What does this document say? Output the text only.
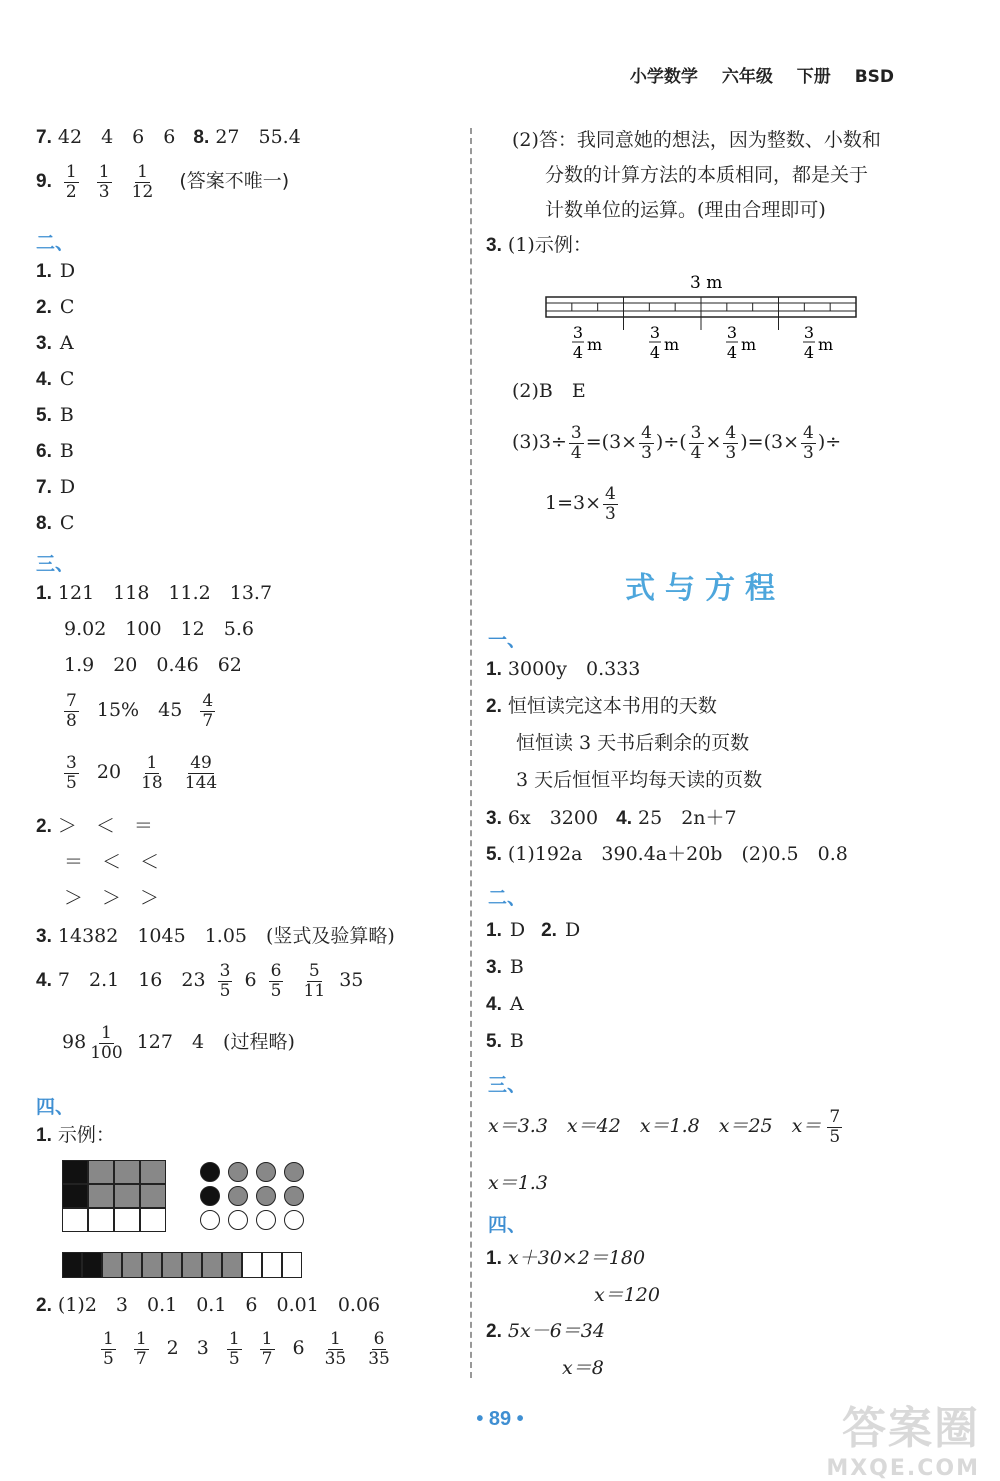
小学数学 六年级 下册 BSD
7. 42　4　6　6 8. 27　55.4
9. $\frac{1}{2}$
$\frac{1}{3}$
$\frac{1}{12}$ (答案不唯一)
二、
1. D
2. C
3. A
4. C
5. B
6. B
7. D
8. C
三、
1. 121　118　11.2　13.7
9.02　100　12　5.6
1.9　20　0.46　62
$\frac{7}{8} 15\%$　$45 \frac{4}{7}$
$\frac{3}{5} 20 \frac{1}{18}$
$\frac{49}{144}$
2. ＞　＜　＝
＝　＜　＜
＞　＞　＞
3. 14382　1045　1.05　(竖式及验算略)
4. 7　2.1　16　$23 \frac{3}{5} 6 \frac{6}{5}$
$\frac{5}{11} 35$
$98 \frac{1}{100} 127$　4　(过程略)
四、
1. 示例：
2. (1)2　3　0.1　0.1　6　0.01　0.06
$\frac{1}{5} \frac{1}{7} 2$ $3 \frac{1}{5} \frac{1}{7} 6 \frac{1}{35} \frac{6}{35}$
(2)答：我同意她的想法，因为整数、小数和
分数的计算方法的本质相同，都是关于
计数单位的运算。(理由合理即可)
3. (1)示例：
3 m
3
4 m
3
4 m
3
4 m
3
4 m
(2)B　E
$(3)3\div \frac{3}{4} =(3\times \frac{4}{3}$ )÷( $\frac{3}{4} \times \frac{4}{3} )=(3\times \frac{4}{3}$ )÷
$1=3\times \frac{4}{3}$
式与方程
一、
1. 3000y　0.333
2. 恒恒读完这本书用的天数
恒恒读 3 天书后剩余的页数
3 天后恒恒平均每天读的页数
3. 6x　3200 4. 25　2n＋7
5. (1)192a　390.4a＋20b　(2)0.5　0.8
二、
1. D 2. D
3. B
4. A
5. B
三、
x＝3.3　x＝42　x＝1.8　x＝25　$x= \frac{7}{5}$
x＝1.3
四、
1. x＋30×2＝180
x＝120
2. 5x－6＝34
x＝8
• 89 •	答案圈
MXQE.COM
